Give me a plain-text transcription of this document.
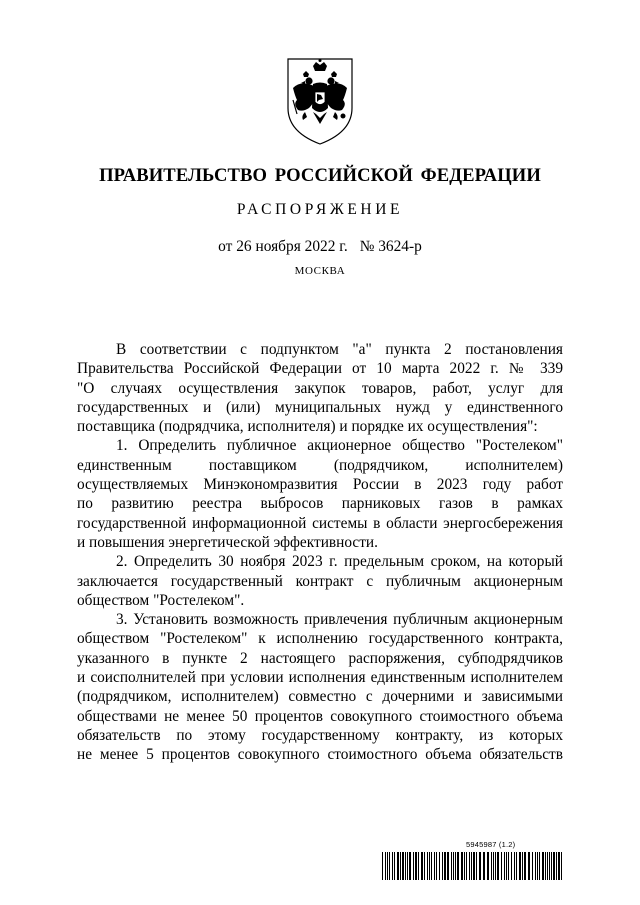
ПРАВИТЕЛЬСТВО РОССИЙСКОЙ ФЕДЕРАЦИИ
РАСПОРЯЖЕНИЕ
от 26 ноября 2022 г. № 3624-р
МОСКВА
В соответствии с подпунктом "а" пункта 2 постановления
Правительства Российской Федерации от 10 марта 2022 г. № 339
"О случаях осуществления закупок товаров, работ, услуг для
государственных и (или) муниципальных нужд у единственного
поставщика (подрядчика, исполнителя) и порядке их осуществления":
1. Определить публичное акционерное общество "Ростелеком"
единственным поставщиком (подрядчиком, исполнителем)
осуществляемых Минэкономразвития России в 2023 году работ
по развитию реестра выбросов парниковых газов в рамках
государственной информационной системы в области энергосбережения
и повышения энергетической эффективности.
2. Определить 30 ноября 2023 г. предельным сроком, на который
заключается государственный контракт с публичным акционерным
обществом "Ростелеком".
3. Установить возможность привлечения публичным акционерным
обществом "Ростелеком" к исполнению государственного контракта,
указанного в пункте 2 настоящего распоряжения, субподрядчиков
и соисполнителей при условии исполнения единственным исполнителем
(подрядчиком, исполнителем) совместно с дочерними и зависимыми
обществами не менее 50 процентов совокупного стоимостного объема
обязательств по этому государственному контракту, из которых
не менее 5 процентов совокупного стоимостного объема обязательств
5945987 (1.2)
